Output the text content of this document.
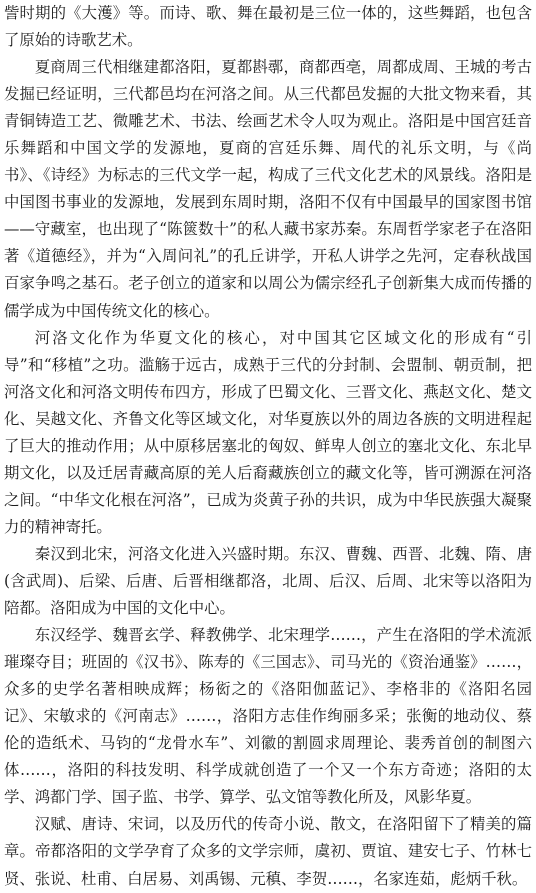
訾时期的《大濩》等。而诗、歌、舞在最初是三位一体的，这些舞蹈，也包含了原始的诗歌艺术。

夏商周三代相继建都洛阳，夏都斟鄩，商都西亳，周都成周、王城的考古发掘已经证明，三代都邑均在河洛之间。从三代都邑发掘的大批文物来看，其青铜铸造工艺、微雕艺术、书法、绘画艺术令人叹为观止。洛阳是中国宫廷音乐舞蹈和中国文学的发源地，夏商的宫廷乐舞、周代的礼乐文明，与《尚书》、《诗经》为标志的三代文学一起，构成了三代文化艺术的风景线。洛阳是中国图书事业的发源地，发展到东周时期，洛阳不仅有中国最早的国家图书馆——守藏室，也出现了“陈篋数十”的私人藏书家苏秦。东周哲学家老子在洛阳著《道德经》，并为“入周问礼”的孔丘讲学，开私人讲学之先河，定春秋战国百家争鸣之基石。老子创立的道家和以周公为儒宗经孔子创新集大成而传播的儒学成为中国传统文化的核心。

河洛文化作为华夏文化的核心，对中国其它区域文化的形成有“引导”和“移植”之功。滥觞于远古，成熟于三代的分封制、会盟制、朝贡制，把河洛文化和河洛文明传布四方，形成了巴蜀文化、三晋文化、燕赵文化、楚文化、吴越文化、齐鲁文化等区域文化，对华夏族以外的周边各族的文明进程起了巨大的推动作用；从中原移居塞北的匈奴、鲜卑人创立的塞北文化、东北早期文化，以及迁居青藏高原的羌人后裔藏族创立的藏文化等，皆可溯源在河洛之间。“中华文化根在河洛”，已成为炎黄子孙的共识，成为中华民族强大凝聚力的精神寄托。

秦汉到北宋，河洛文化进入兴盛时期。东汉、曹魏、西晋、北魏、隋、唐(含武周)、后梁、后唐、后晋相继都洛，北周、后汉、后周、北宋等以洛阳为陪都。洛阳成为中国的文化中心。

东汉经学、魏晋玄学、释教佛学、北宋理学……，产生在洛阳的学术流派璀璨夺目；班固的《汉书》、陈寿的《三国志》、司马光的《资治通鉴》……，众多的史学名著相映成辉；杨衒之的《洛阳伽蓝记》、李格非的《洛阳名园记》、宋敏求的《河南志》……，洛阳方志佳作绚丽多采；张衡的地动仪、蔡伦的造纸术、马钧的“龙骨水车”、刘徽的割圆求周理论、裴秀首创的制图六体……，洛阳的科技发明、科学成就创造了一个又一个东方奇迹；洛阳的太学、鸿都门学、国子监、书学、算学、弘文馆等教化所及，风影华夏。

汉赋、唐诗、宋词，以及历代的传奇小说、散文，在洛阳留下了精美的篇章。帝都洛阳的文学孕育了众多的文学宗师，虞初、贾谊、建安七子、竹林七贤、张说、杜甫、白居易、刘禹锡、元稹、李贺……，名家连茹，彪炳千秋。
